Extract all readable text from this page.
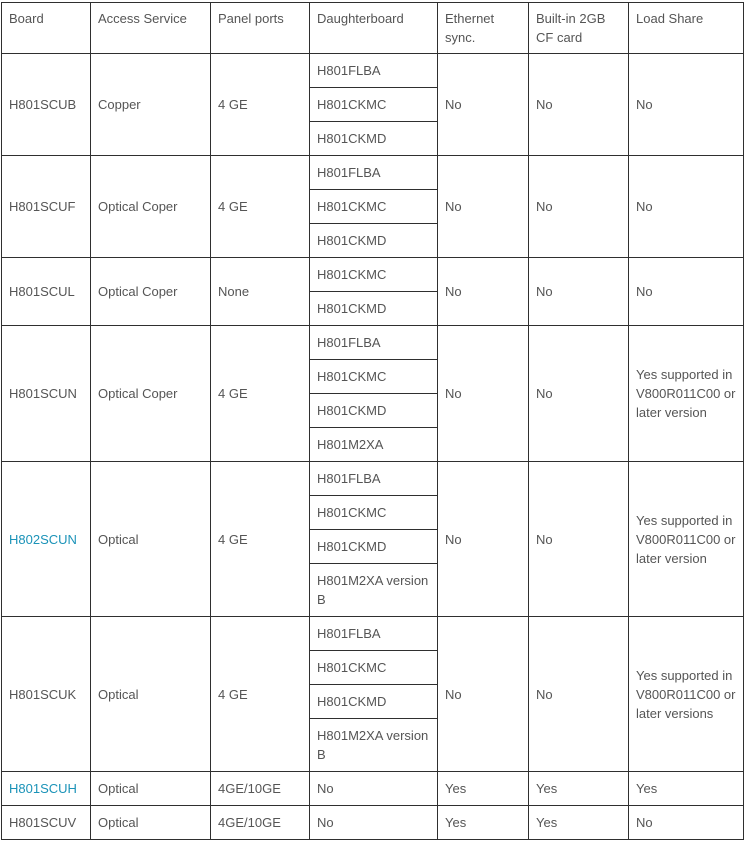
Board	Access Service	Panel ports	Daughterboard	Ethernet sync.	Built-in 2GB CF card	Load Share
H801SCUB	Copper	4 GE	H801FLBA	No	No	No
			H801CKMC			
			H801CKMD			
H801SCUF	Optical Coper	4 GE	H801FLBA	No	No	No
			H801CKMC			
			H801CKMD			
H801SCUL	Optical Coper	None	H801CKMC	No	No	No
			H801CKMD			
H801SCUN	Optical Coper	4 GE	H801FLBA	No	No	Yes supported in V800R011C00 or later version
			H801CKMC			
			H801CKMD			
			H801M2XA			
H802SCUN	Optical	4 GE	H801FLBA	No	No	Yes supported in V800R011C00 or later version
			H801CKMC			
			H801CKMD			
			H801M2XA version B			
H801SCUK	Optical	4 GE	H801FLBA	No	No	Yes supported in V800R011C00 or later versions
			H801CKMC			
			H801CKMD			
			H801M2XA version B			
H801SCUH	Optical	4GE/10GE	No	Yes	Yes	Yes
H801SCUV	Optical	4GE/10GE	No	Yes	Yes	No
